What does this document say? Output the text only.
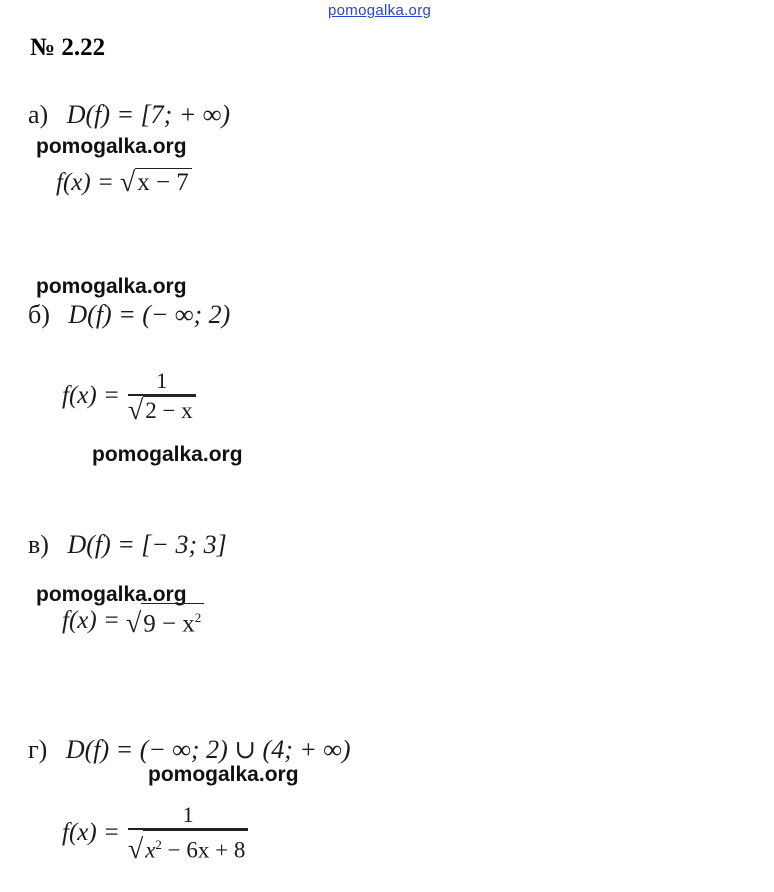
pomogalka.org
№ 2.22
а) D(f) = [7; + ∞)
pomogalka.org
f(x) = √ x − 7
pomogalka.org
б) D(f) = (− ∞; 2)
$f(x) = \frac{1}{√ 2 - x}$
pomogalka.org
в) D(f) = [− 3; 3]
pomogalka.org
f(x) = √ $9 - x^2$
г) D(f) = (− ∞; 2) ∪ (4; + ∞)
pomogalka.org
$f(x) = \frac{1}{√ x^2 - 6x + 8}$
